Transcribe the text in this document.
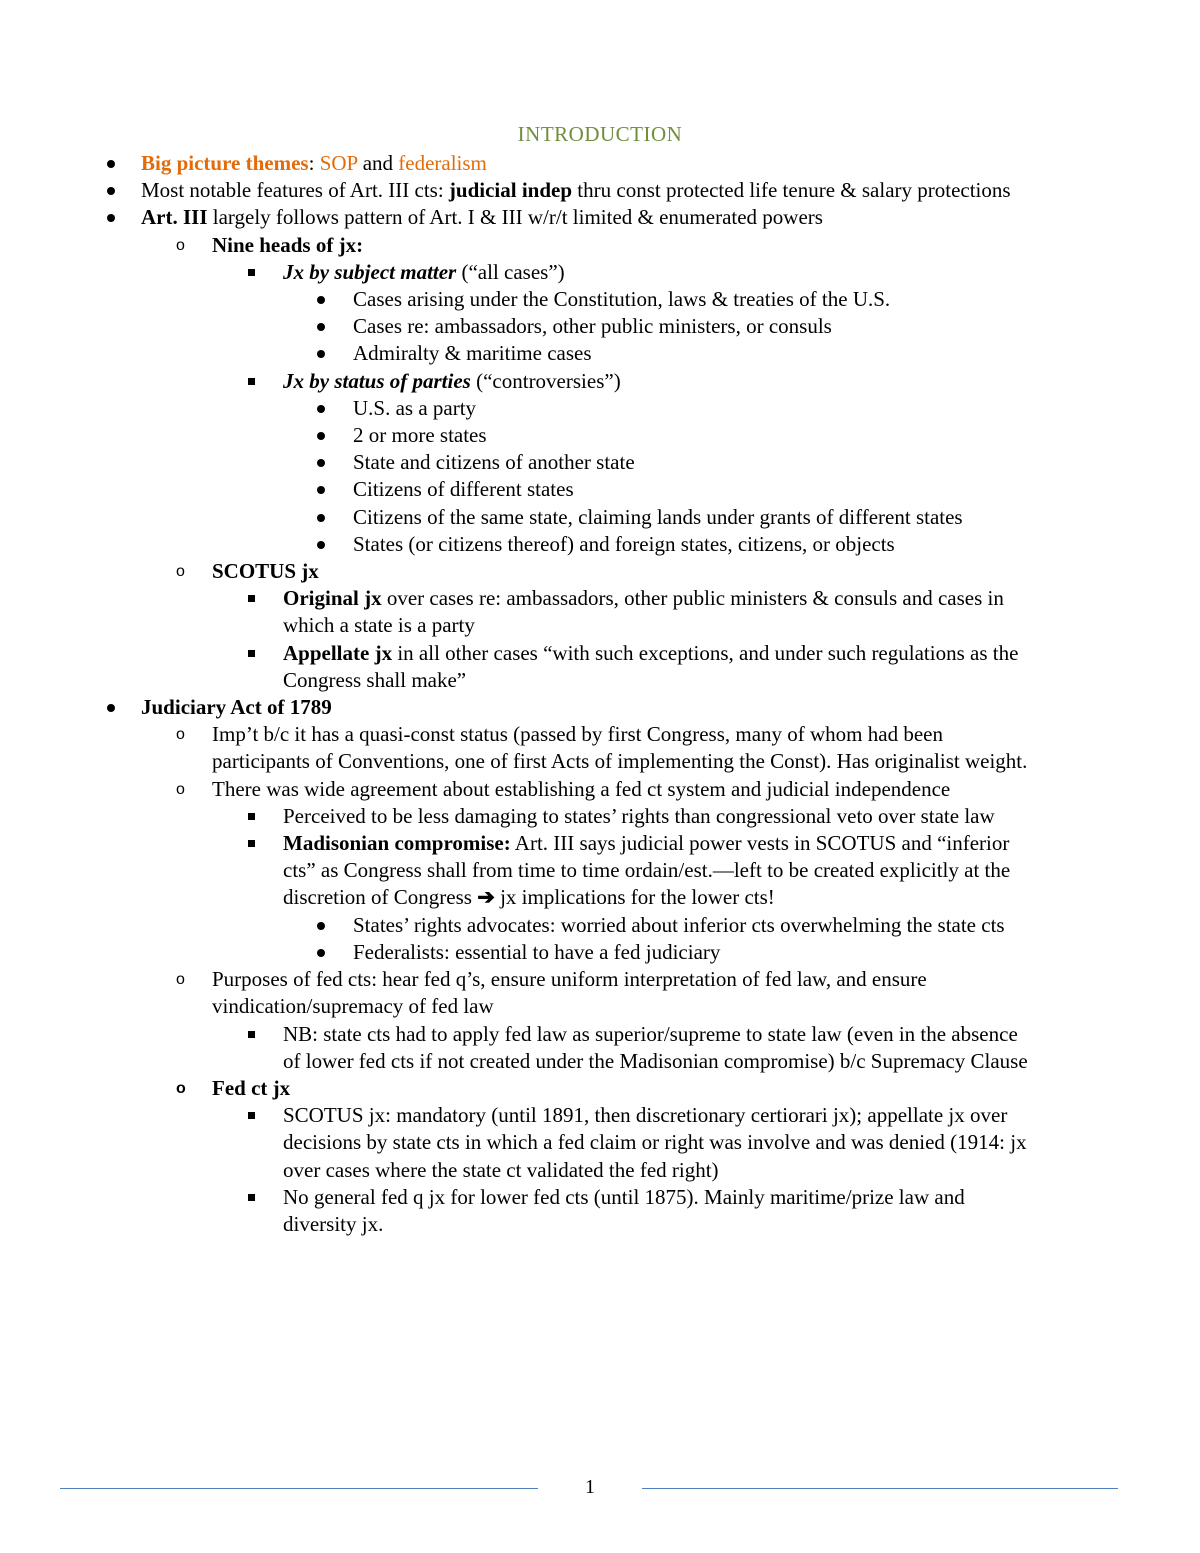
INTRODUCTION
Big picture themes: SOP and federalism
Most notable features of Art. III cts: judicial indep thru const protected life tenure & salary protections
Art. III largely follows pattern of Art. I & III w/r/t limited & enumerated powers
o Nine heads of jx:
Jx by subject matter (“all cases”)
Cases arising under the Constitution, laws & treaties of the U.S.
Cases re: ambassadors, other public ministers, or consuls
Admiralty & maritime cases
Jx by status of parties (“controversies”)
U.S. as a party
2 or more states
State and citizens of another state
Citizens of different states
Citizens of the same state, claiming lands under grants of different states
States (or citizens thereof) and foreign states, citizens, or objects
o SCOTUS jx
Original jx over cases re: ambassadors, other public ministers & consuls and cases in
which a state is a party
Appellate jx in all other cases “with such exceptions, and under such regulations as the
Congress shall make”
Judiciary Act of 1789
o Imp’t b/c it has a quasi-const status (passed by first Congress, many of whom had been
participants of Conventions, one of first Acts of implementing the Const). Has originalist weight.
o There was wide agreement about establishing a fed ct system and judicial independence
Perceived to be less damaging to states’ rights than congressional veto over state law
Madisonian compromise: Art. III says judicial power vests in SCOTUS and “inferior
cts” as Congress shall from time to time ordain/est.—left to be created explicitly at the
discretion of Congress ➔ jx implications for the lower cts!
States’ rights advocates: worried about inferior cts overwhelming the state cts
Federalists: essential to have a fed judiciary
o Purposes of fed cts: hear fed q’s, ensure uniform interpretation of fed law, and ensure
vindication/supremacy of fed law
NB: state cts had to apply fed law as superior/supreme to state law (even in the absence
of lower fed cts if not created under the Madisonian compromise) b/c Supremacy Clause
o Fed ct jx
SCOTUS jx: mandatory (until 1891, then discretionary certiorari jx); appellate jx over
decisions by state cts in which a fed claim or right was involve and was denied (1914: jx
over cases where the state ct validated the fed right)
No general fed q jx for lower fed cts (until 1875). Mainly maritime/prize law and
diversity jx.
1
